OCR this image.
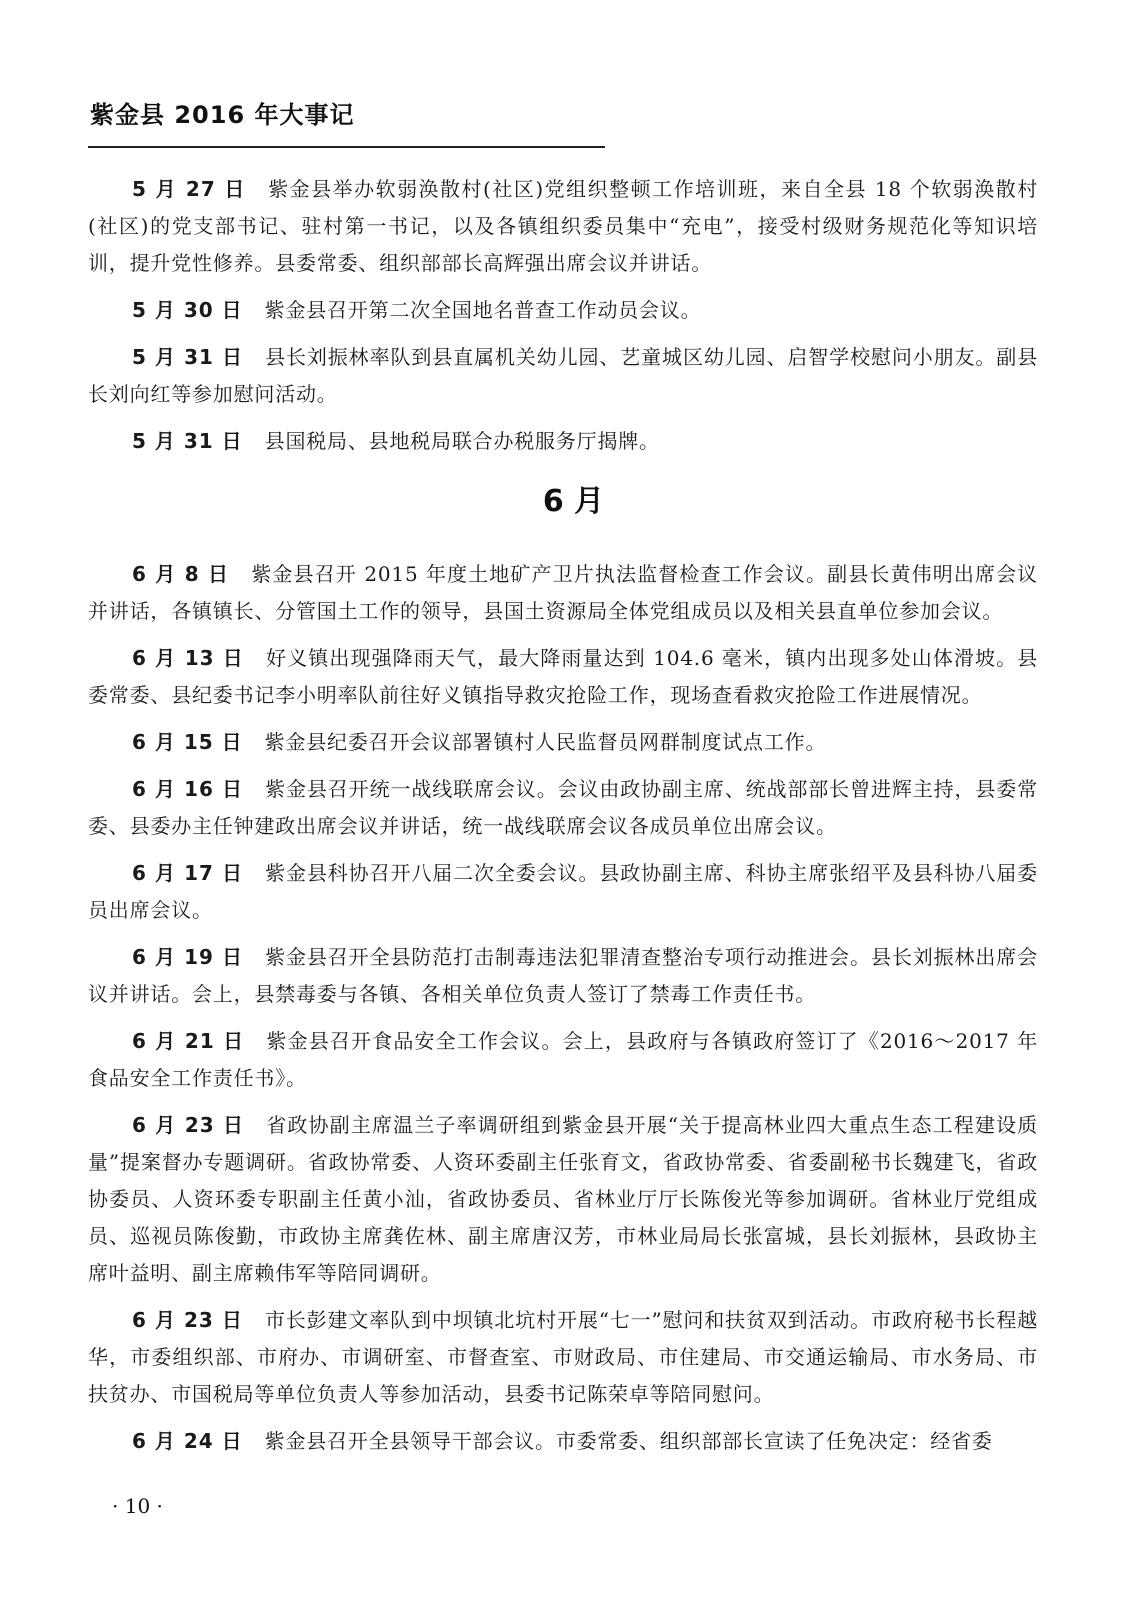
紫金县 2016 年大事记

5 月 27 日 紫金县举办软弱涣散村(社区)党组织整顿工作培训班，来自全县 18 个软弱涣散村(社区)的党支部书记、驻村第一书记，以及各镇组织委员集中“充电”，接受村级财务规范化等知识培训，提升党性修养。县委常委、组织部部长高辉强出席会议并讲话。

5 月 30 日 紫金县召开第二次全国地名普查工作动员会议。

5 月 31 日 县长刘振林率队到县直属机关幼儿园、艺童城区幼儿园、启智学校慰问小朋友。副县长刘向红等参加慰问活动。

5 月 31 日 县国税局、县地税局联合办税服务厅揭牌。

6 月

6 月 8 日 紫金县召开 2015 年度土地矿产卫片执法监督检查工作会议。副县长黄伟明出席会议并讲话，各镇镇长、分管国土工作的领导，县国土资源局全体党组成员以及相关县直单位参加会议。

6 月 13 日 好义镇出现强降雨天气，最大降雨量达到 104.6 毫米，镇内出现多处山体滑坡。县委常委、县纪委书记李小明率队前往好义镇指导救灾抢险工作，现场查看救灾抢险工作进展情况。

6 月 15 日 紫金县纪委召开会议部署镇村人民监督员网群制度试点工作。

6 月 16 日 紫金县召开统一战线联席会议。会议由政协副主席、统战部部长曾进辉主持，县委常委、县委办主任钟建政出席会议并讲话，统一战线联席会议各成员单位出席会议。

6 月 17 日 紫金县科协召开八届二次全委会议。县政协副主席、科协主席张绍平及县科协八届委员出席会议。

6 月 19 日 紫金县召开全县防范打击制毒违法犯罪清查整治专项行动推进会。县长刘振林出席会议并讲话。会上，县禁毒委与各镇、各相关单位负责人签订了禁毒工作责任书。

6 月 21 日 紫金县召开食品安全工作会议。会上，县政府与各镇政府签订了《2016～2017 年食品安全工作责任书》。

6 月 23 日 省政协副主席温兰子率调研组到紫金县开展“关于提高林业四大重点生态工程建设质量”提案督办专题调研。省政协常委、人资环委副主任张育文，省政协常委、省委副秘书长魏建飞，省政协委员、人资环委专职副主任黄小汕，省政协委员、省林业厅厅长陈俊光等参加调研。省林业厅党组成员、巡视员陈俊勤，市政协主席龚佐林、副主席唐汉芳，市林业局局长张富城，县长刘振林，县政协主席叶益明、副主席赖伟军等陪同调研。

6 月 23 日 市长彭建文率队到中坝镇北坑村开展“七一”慰问和扶贫双到活动。市政府秘书长程越华，市委组织部、市府办、市调研室、市督查室、市财政局、市住建局、市交通运输局、市水务局、市扶贫办、市国税局等单位负责人等参加活动，县委书记陈荣卓等陪同慰问。

6 月 24 日 紫金县召开全县领导干部会议。市委常委、组织部部长宣读了任免决定：经省委

· 10 ·
